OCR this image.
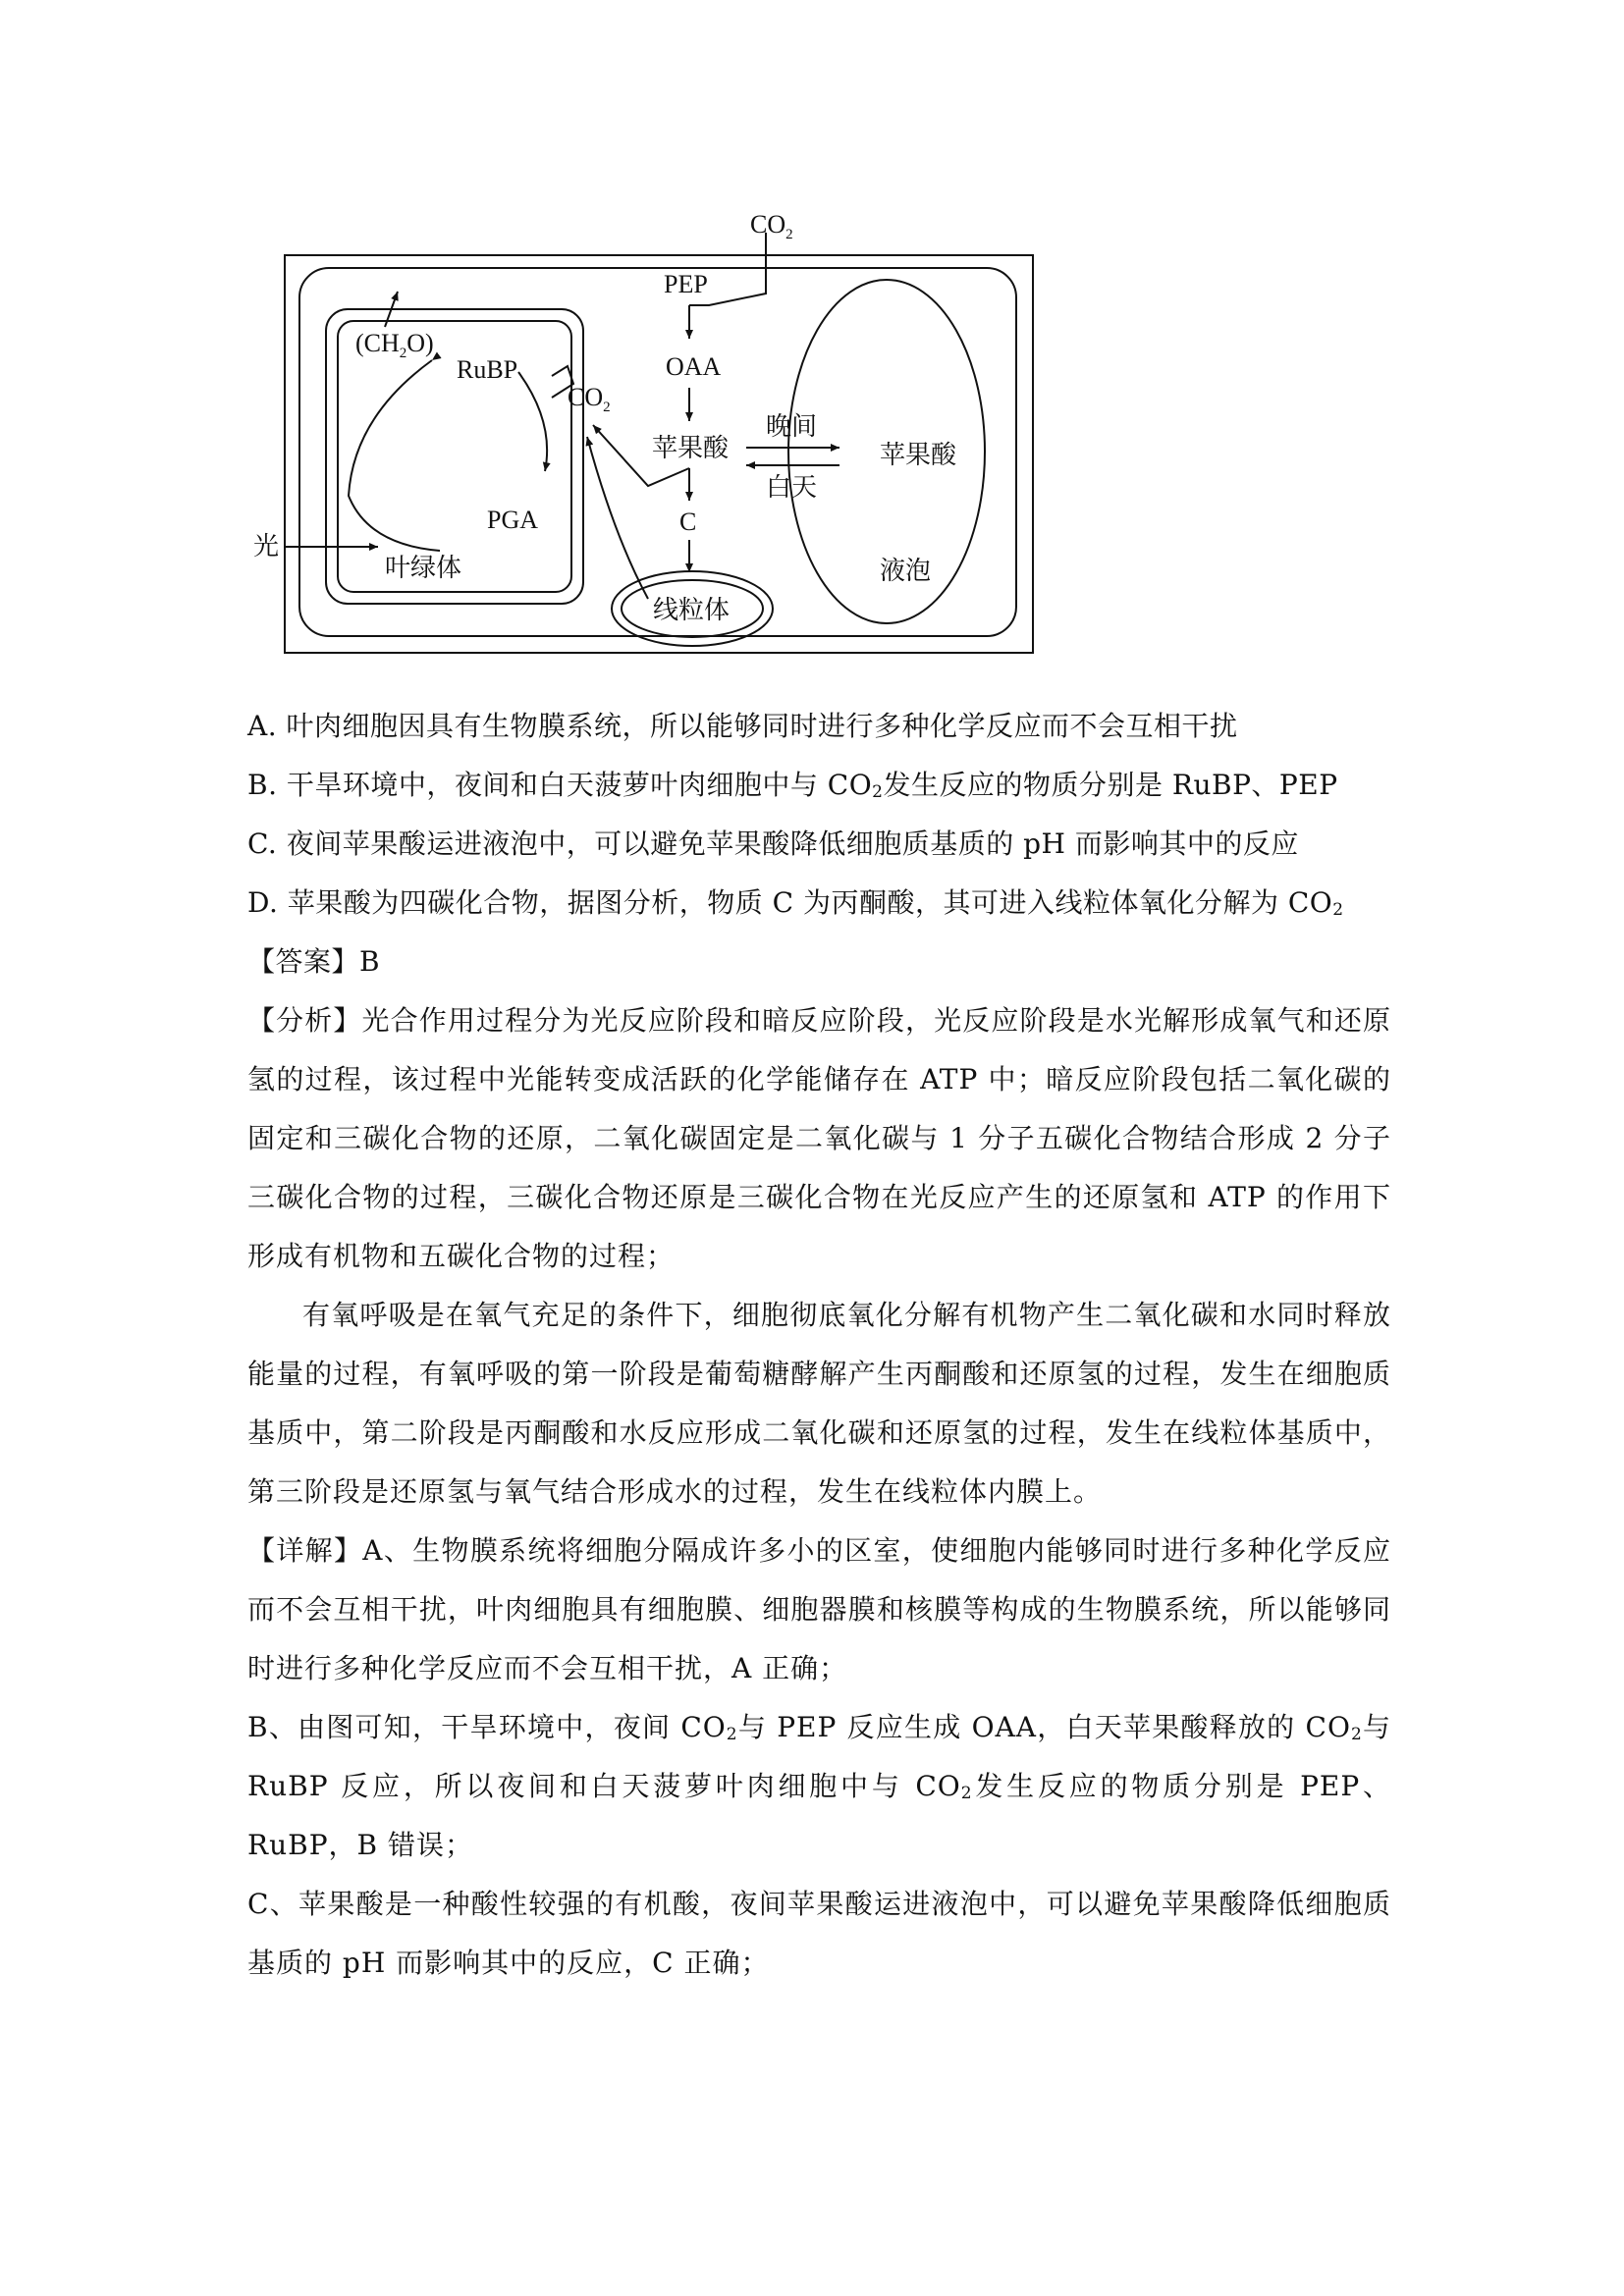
$CO_2$
PEP
OAA
苹果酸
C
线粒体
晚间
白天
苹果酸
液泡
$(CH_2O)$
RuBP
$CO_2$
PGA
叶绿体
光
A. 叶肉细胞因具有生物膜系统，所以能够同时进行多种化学反应而不会互相干扰
B. 干旱环境中，夜间和白天菠萝叶肉细胞中与 $CO_2$发生反应的物质分别是 RuBP、PEP
C. 夜间苹果酸运进液泡中，可以避免苹果酸降低细胞质基质的 pH 而影响其中的反应
D. 苹果酸为四碳化合物，据图分析，物质 C 为丙酮酸，其可进入线粒体氧化分解为 $CO_2$
【答案】B
【分析】光合作用过程分为光反应阶段和暗反应阶段，光反应阶段是水光解形成氧气和还原氢的过程，该过程中光能转变成活跃的化学能储存在 ATP 中；暗反应阶段包括二氧化碳的固定和三碳化合物的还原，二氧化碳固定是二氧化碳与 1 分子五碳化合物结合形成 2 分子三碳化合物的过程，三碳化合物还原是三碳化合物在光反应产生的还原氢和 ATP 的作用下形成有机物和五碳化合物的过程；
有氧呼吸是在氧气充足的条件下，细胞彻底氧化分解有机物产生二氧化碳和水同时释放能量的过程，有氧呼吸的第一阶段是葡萄糖酵解产生丙酮酸和还原氢的过程，发生在细胞质基质中，第二阶段是丙酮酸和水反应形成二氧化碳和还原氢的过程，发生在线粒体基质中，第三阶段是还原氢与氧气结合形成水的过程，发生在线粒体内膜上。
【详解】A、生物膜系统将细胞分隔成许多小的区室，使细胞内能够同时进行多种化学反应而不会互相干扰，叶肉细胞具有细胞膜、细胞器膜和核膜等构成的生物膜系统，所以能够同时进行多种化学反应而不会互相干扰，A 正确；
B、由图可知，干旱环境中，夜间 $CO_2$与 PEP 反应生成 OAA，白天苹果酸释放的 $CO_2$与 RuBP 反应，所以夜间和白天菠萝叶肉细胞中与 $CO_2$发生反应的物质分别是 PEP、RuBP，B 错误；
C、苹果酸是一种酸性较强的有机酸，夜间苹果酸运进液泡中，可以避免苹果酸降低细胞质基质的 pH 而影响其中的反应，C 正确；
